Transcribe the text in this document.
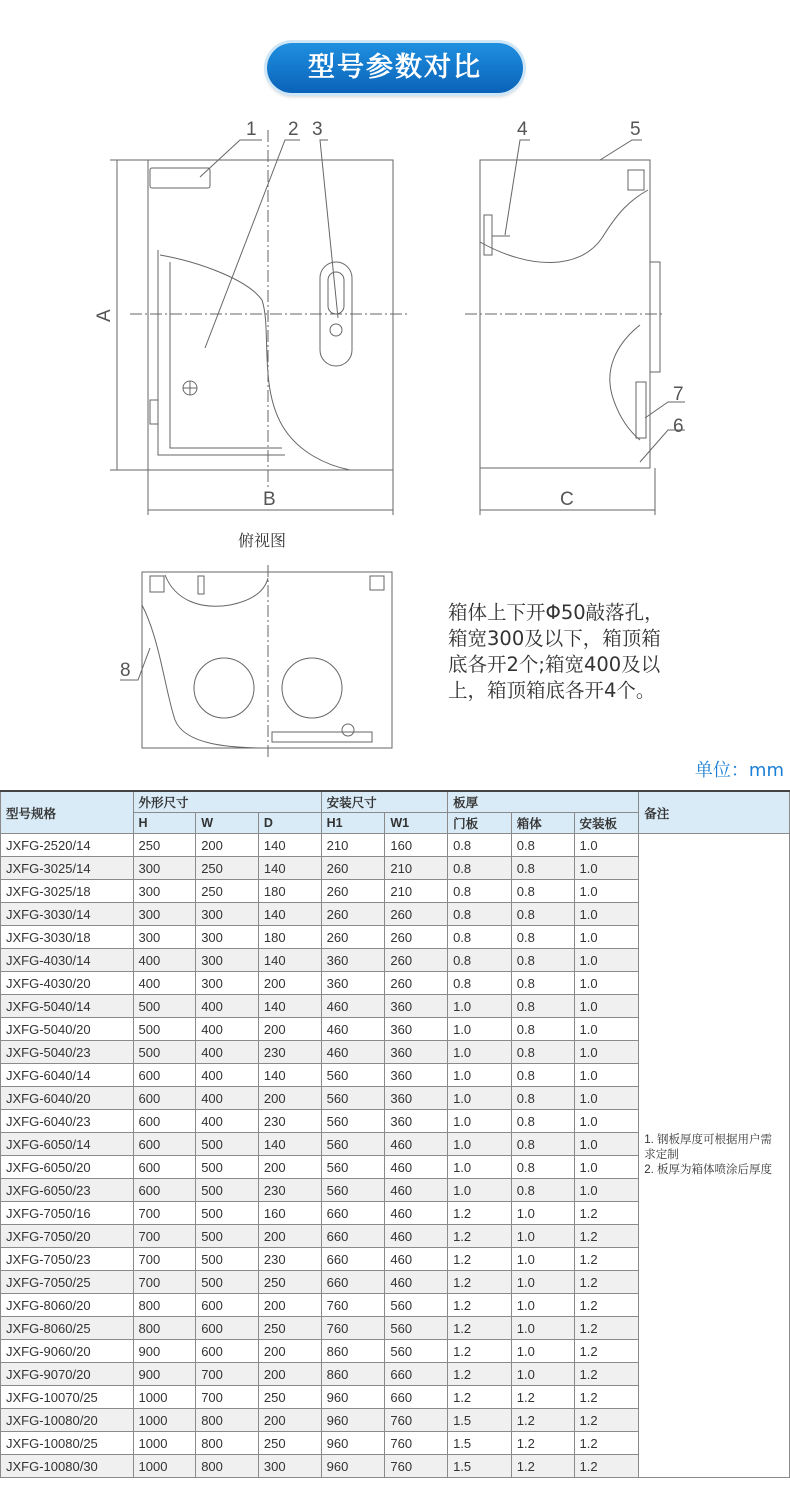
型号参数对比
1 2 3	4	5
6
7
8
A
B	C
俯视图
箱体上下开Φ50敲落孔，
箱宽300及以下，箱顶箱
底各开2个;箱宽400及以
上，箱顶箱底各开4个。
单位：mm
型号规格	外形尺寸			安装尺寸		板厚			备注
	H	W	D	H1	W1	门板	箱体	安装板	
JXFG-2520/14	250	200	140	210	160	0.8	0.8	1.0	1. 钢板厚度可根据用户需求定制
2. 板厚为箱体喷涂后厚度

JXFG-3025/14	300	250	140	260	210	0.8	0.8	1.0	
JXFG-3025/18	300	250	180	260	210	0.8	0.8	1.0	
JXFG-3030/14	300	300	140	260	260	0.8	0.8	1.0	
JXFG-3030/18	300	300	180	260	260	0.8	0.8	1.0	
JXFG-4030/14	400	300	140	360	260	0.8	0.8	1.0	
JXFG-4030/20	400	300	200	360	260	0.8	0.8	1.0	
JXFG-5040/14	500	400	140	460	360	1.0	0.8	1.0	
JXFG-5040/20	500	400	200	460	360	1.0	0.8	1.0	
JXFG-5040/23	500	400	230	460	360	1.0	0.8	1.0	
JXFG-6040/14	600	400	140	560	360	1.0	0.8	1.0	
JXFG-6040/20	600	400	200	560	360	1.0	0.8	1.0	
JXFG-6040/23	600	400	230	560	360	1.0	0.8	1.0	
JXFG-6050/14	600	500	140	560	460	1.0	0.8	1.0	
JXFG-6050/20	600	500	200	560	460	1.0	0.8	1.0	
JXFG-6050/23	600	500	230	560	460	1.0	0.8	1.0	
JXFG-7050/16	700	500	160	660	460	1.2	1.0	1.2	
JXFG-7050/20	700	500	200	660	460	1.2	1.0	1.2	
JXFG-7050/23	700	500	230	660	460	1.2	1.0	1.2	
JXFG-7050/25	700	500	250	660	460	1.2	1.0	1.2	
JXFG-8060/20	800	600	200	760	560	1.2	1.0	1.2	
JXFG-8060/25	800	600	250	760	560	1.2	1.0	1.2	
JXFG-9060/20	900	600	200	860	560	1.2	1.0	1.2	
JXFG-9070/20	900	700	200	860	660	1.2	1.0	1.2	
JXFG-10070/25	1000	700	250	960	660	1.2	1.2	1.2	
JXFG-10080/20	1000	800	200	960	760	1.5	1.2	1.2	
JXFG-10080/25	1000	800	250	960	760	1.5	1.2	1.2	
JXFG-10080/30	1000	800	300	960	760	1.5	1.2	1.2	
